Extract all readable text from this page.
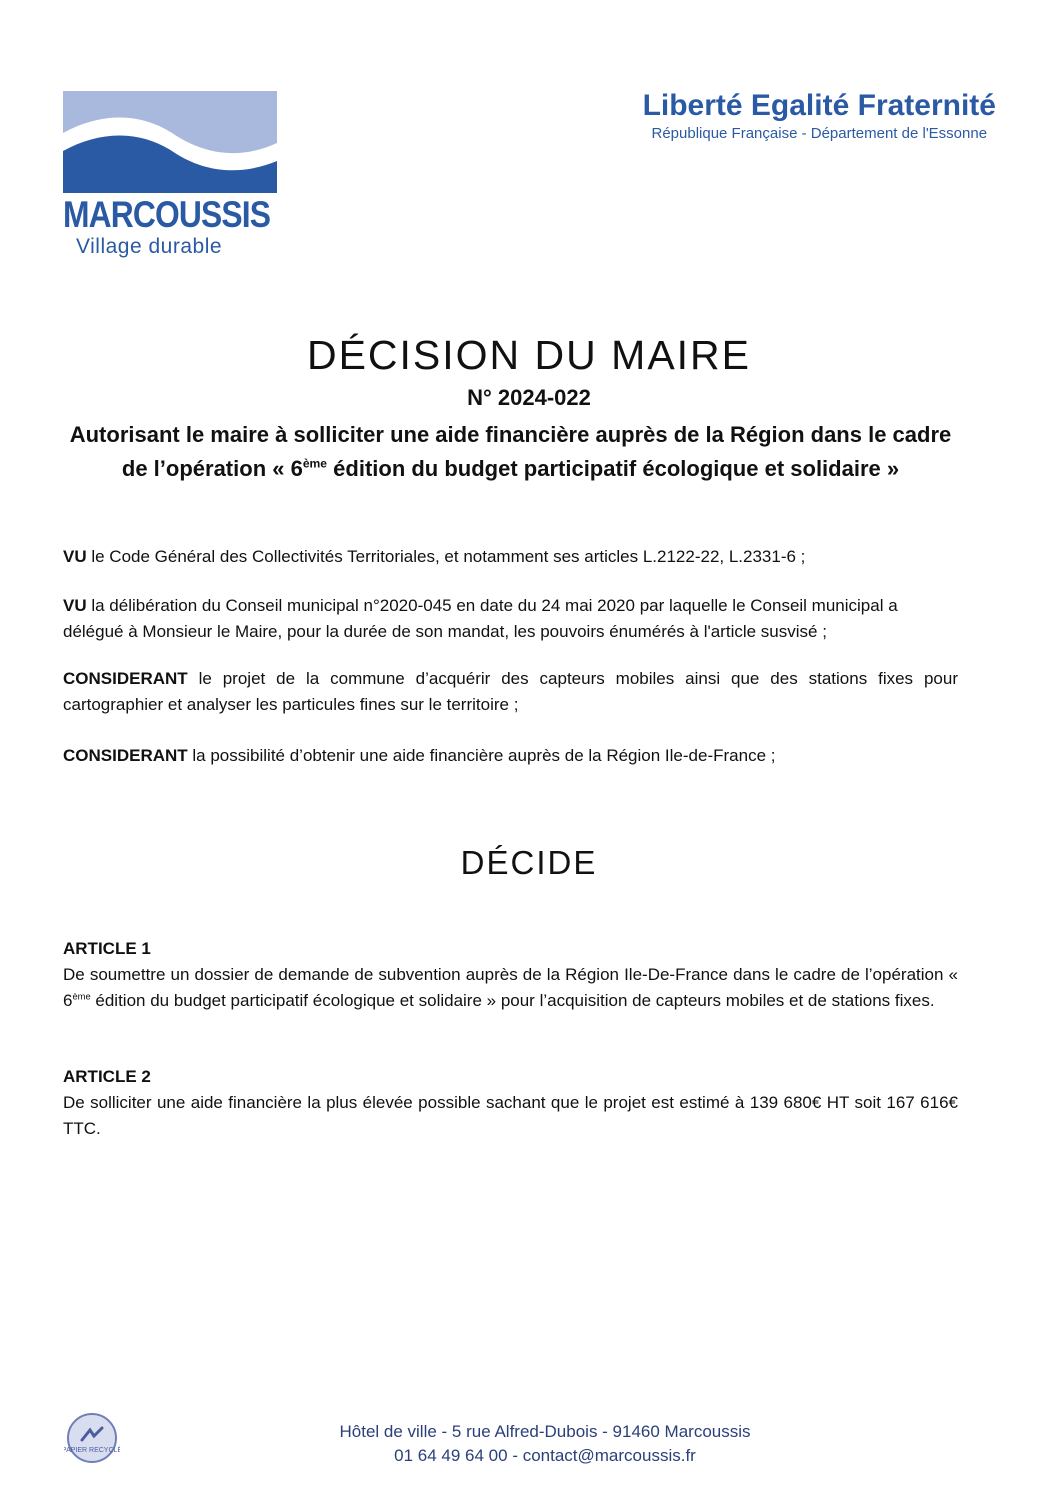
MARCOUSSIS
Village durable
Liberté Egalité Fraternité
République Française - Département de l'Essonne
DÉCISION DU MAIRE
N° 2024-022

Autorisant le maire à solliciter une aide financière auprès de la Région dans le cadre de l’opération « 6ème édition du budget participatif écologique et solidaire »

VU le Code Général des Collectivités Territoriales, et notamment ses articles L.2122-22, L.2331-6 ;

VU la délibération du Conseil municipal n°2020-045 en date du 24 mai 2020 par laquelle le Conseil municipal a délégué à Monsieur le Maire, pour la durée de son mandat, les pouvoirs énumérés à l'article susvisé ;

CONSIDERANT le projet de la commune d’acquérir des capteurs mobiles ainsi que des stations fixes pour cartographier et analyser les particules fines sur le territoire ;

CONSIDERANT la possibilité d’obtenir une aide financière auprès de la Région Ile-de-France ;

DÉCIDE
ARTICLE 1

De soumettre un dossier de demande de subvention auprès de la Région Ile-De-France dans le cadre de l’opération « 6ème édition du budget participatif écologique et solidaire » pour l’acquisition de capteurs mobiles et de stations fixes.

ARTICLE 2

De solliciter une aide financière la plus élevée possible sachant que le projet est estimé à 139 680€ HT soit 167 616€ TTC.

PAPIER RECYCLÉ
Hôtel de ville - 5 rue Alfred-Dubois - 91460 Marcoussis
01 64 49 64 00 - contact@marcoussis.fr
